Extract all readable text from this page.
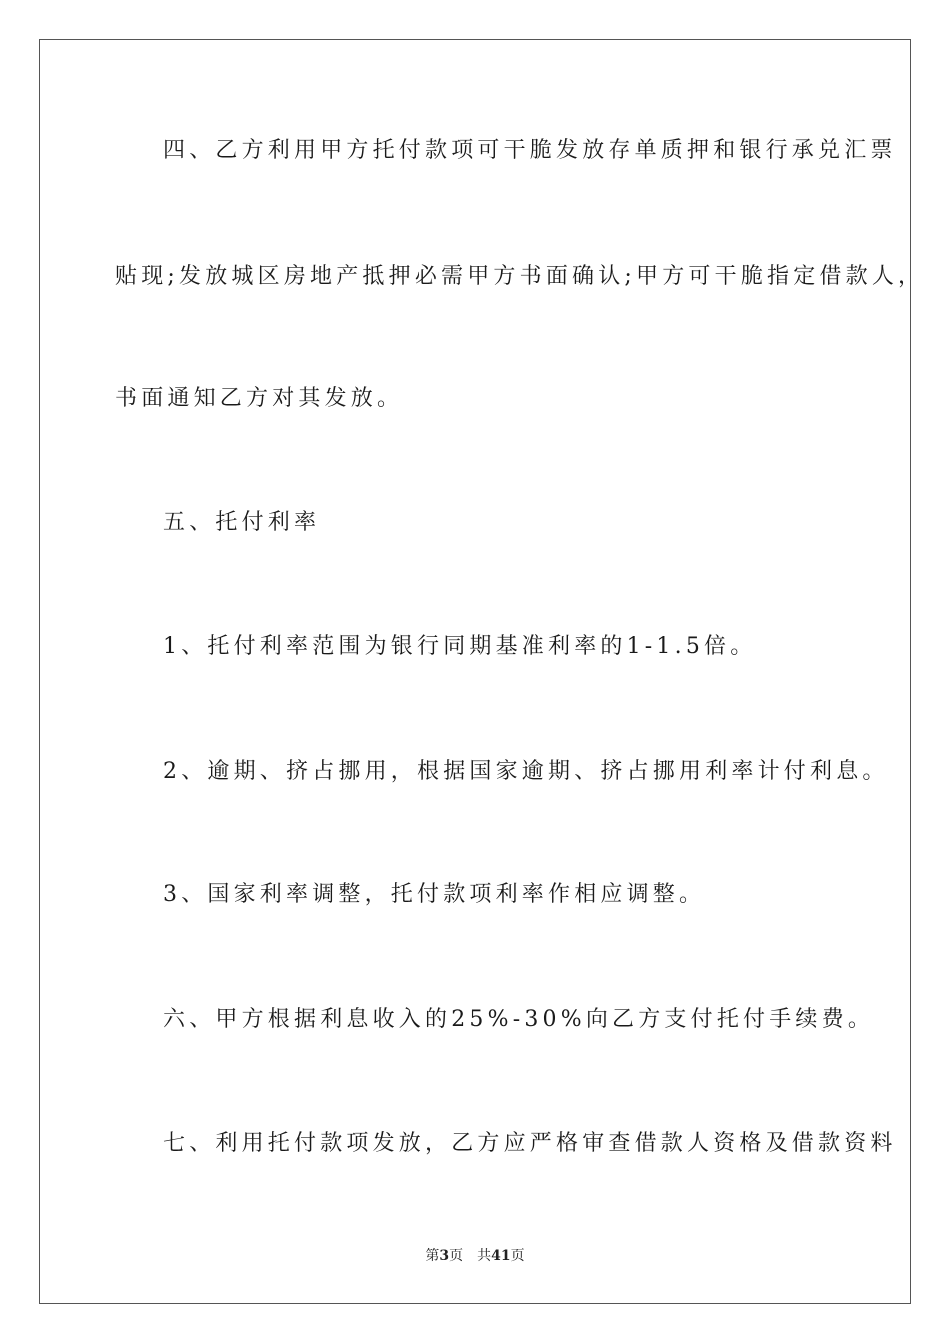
四、乙方利用甲方托付款项可干脆发放存单质押和银行承兑汇票
贴现;发放城区房地产抵押必需甲方书面确认;甲方可干脆指定借款人，
书面通知乙方对其发放。
五、托付利率
1、托付利率范围为银行同期基准利率的1-1.5倍。
2、逾期、挤占挪用，根据国家逾期、挤占挪用利率计付利息。
3、国家利率调整，托付款项利率作相应调整。
六、甲方根据利息收入的25%-30%向乙方支付托付手续费。
七、利用托付款项发放，乙方应严格审查借款人资格及借款资料
第3页 共41页
